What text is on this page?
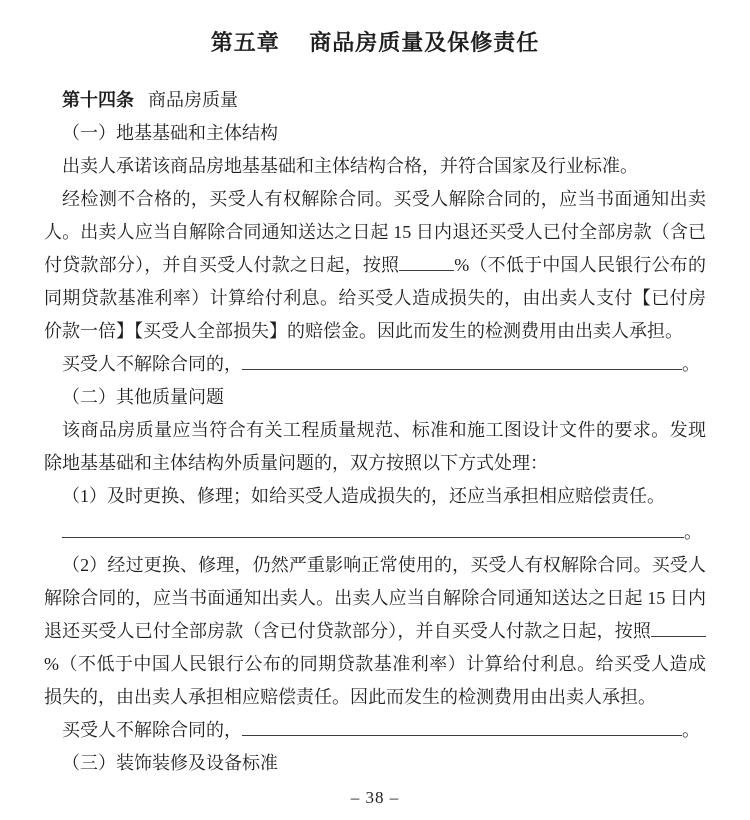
第五章　 商品房质量及保修责任

第十四条 商品房质量

（一）地基基础和主体结构

出卖人承诺该商品房地基基础和主体结构合格，并符合国家及行业标准。

经检测不合格的，买受人有权解除合同。买受人解除合同的，应当书面通知出卖人。出卖人应当自解除合同通知送达之日起 15 日内退还买受人已付全部房款（含已付贷款部分），并自买受人付款之日起，按照	%（不低于中国人民银行公布的同期贷款基准利率）计算给付利息。给买受人造成损失的，由出卖人支付【已付房价款一倍】【买受人全部损失】的赔偿金。因此而发生的检测费用由出卖人承担。

买受人不解除合同的，	。

（二）其他质量问题

该商品房质量应当符合有关工程质量规范、标准和施工图设计文件的要求。发现除地基基础和主体结构外质量问题的，双方按照以下方式处理：

（1）及时更换、修理；如给买受人造成损失的，还应当承担相应赔偿责任。

。

（2）经过更换、修理，仍然严重影响正常使用的，买受人有权解除合同。买受人解除合同的，应当书面通知出卖人。出卖人应当自解除合同通知送达之日起 15 日内退还买受人已付全部房款（含已付贷款部分），并自买受人付款之日起，按照%（不低于中国人民银行公布的同期贷款基准利率）计算给付利息。给买受人造成损失的，由出卖人承担相应赔偿责任。因此而发生的检测费用由出卖人承担。

买受人不解除合同的，	。

（三）装饰装修及设备标准

– 38 –
